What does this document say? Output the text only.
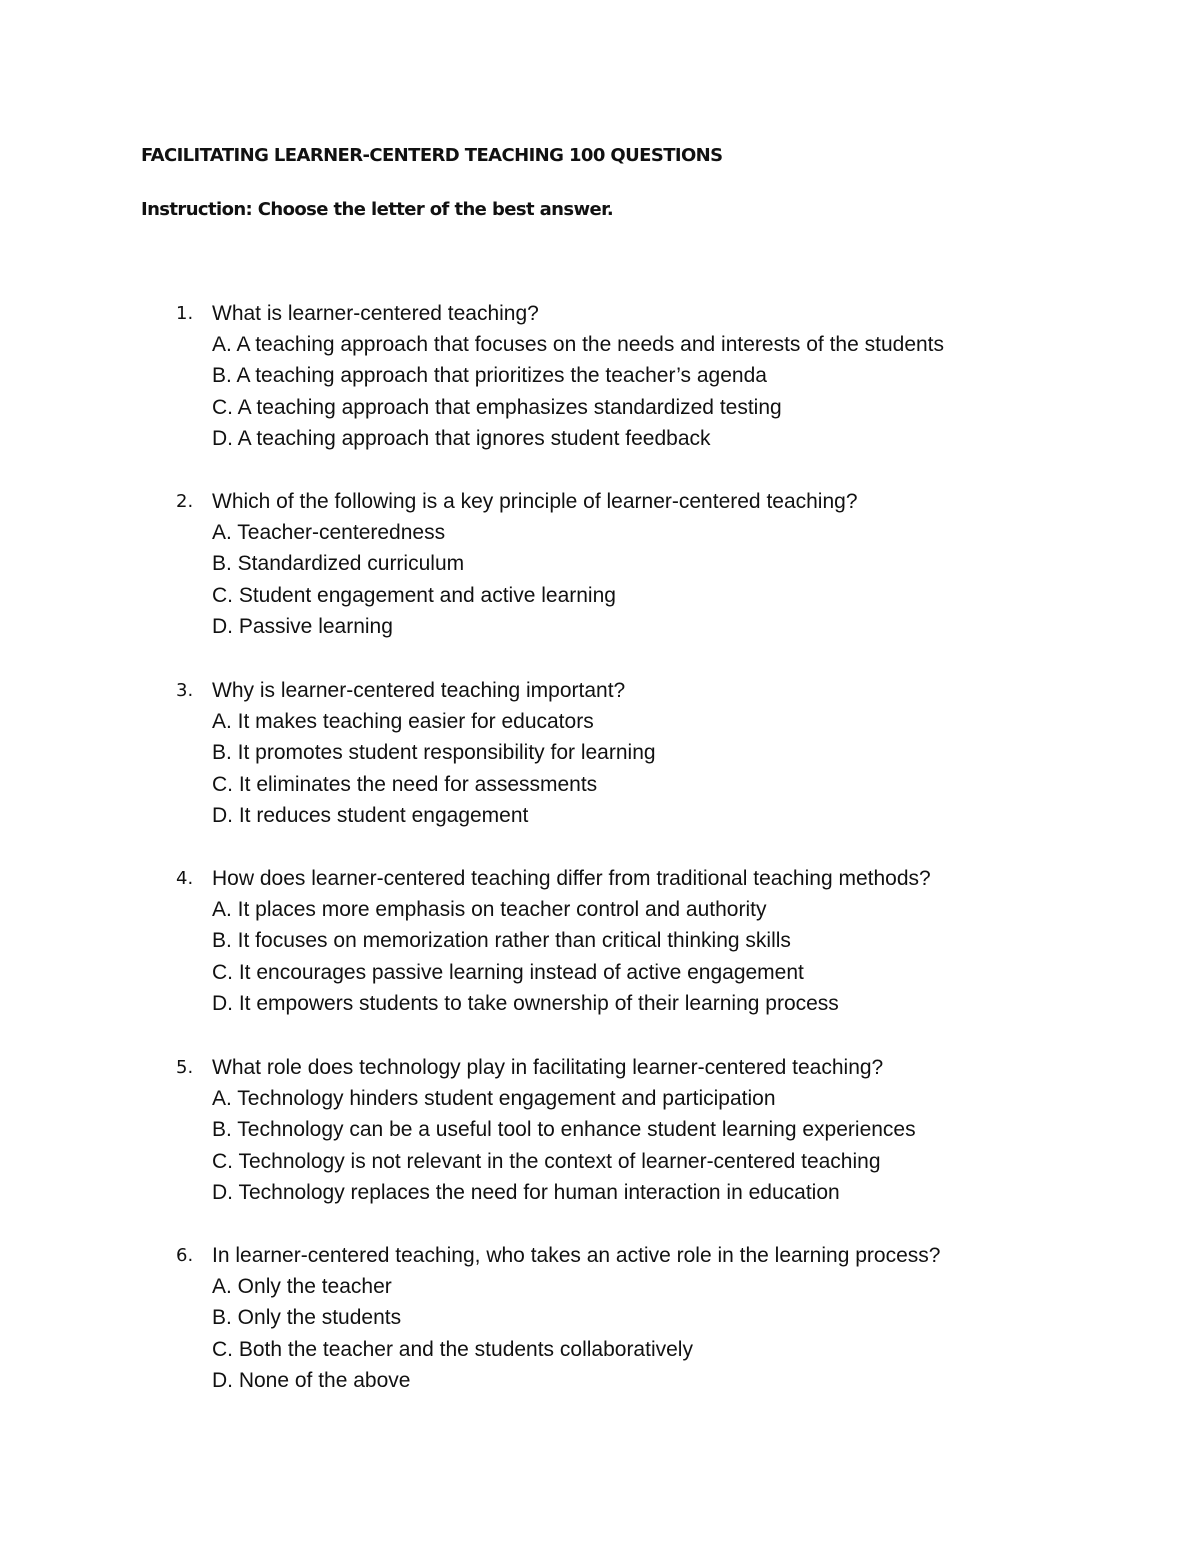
FACILITATING LEARNER-CENTERD TEACHING 100 QUESTIONS

Instruction: Choose the letter of the best answer.

1. What is learner-centered teaching?
A. A teaching approach that focuses on the needs and interests of the students
B. A teaching approach that prioritizes the teacher’s agenda
C. A teaching approach that emphasizes standardized testing
D. A teaching approach that ignores student feedback
2. Which of the following is a key principle of learner-centered teaching?
A. Teacher-centeredness
B. Standardized curriculum
C. Student engagement and active learning
D. Passive learning
3. Why is learner-centered teaching important?
A. It makes teaching easier for educators
B. It promotes student responsibility for learning
C. It eliminates the need for assessments
D. It reduces student engagement
4. How does learner-centered teaching differ from traditional teaching methods?
A. It places more emphasis on teacher control and authority
B. It focuses on memorization rather than critical thinking skills
C. It encourages passive learning instead of active engagement
D. It empowers students to take ownership of their learning process
5. What role does technology play in facilitating learner-centered teaching?
A. Technology hinders student engagement and participation
B. Technology can be a useful tool to enhance student learning experiences
C. Technology is not relevant in the context of learner-centered teaching
D. Technology replaces the need for human interaction in education
6. In learner-centered teaching, who takes an active role in the learning process?
A. Only the teacher
B. Only the students
C. Both the teacher and the students collaboratively
D. None of the above
